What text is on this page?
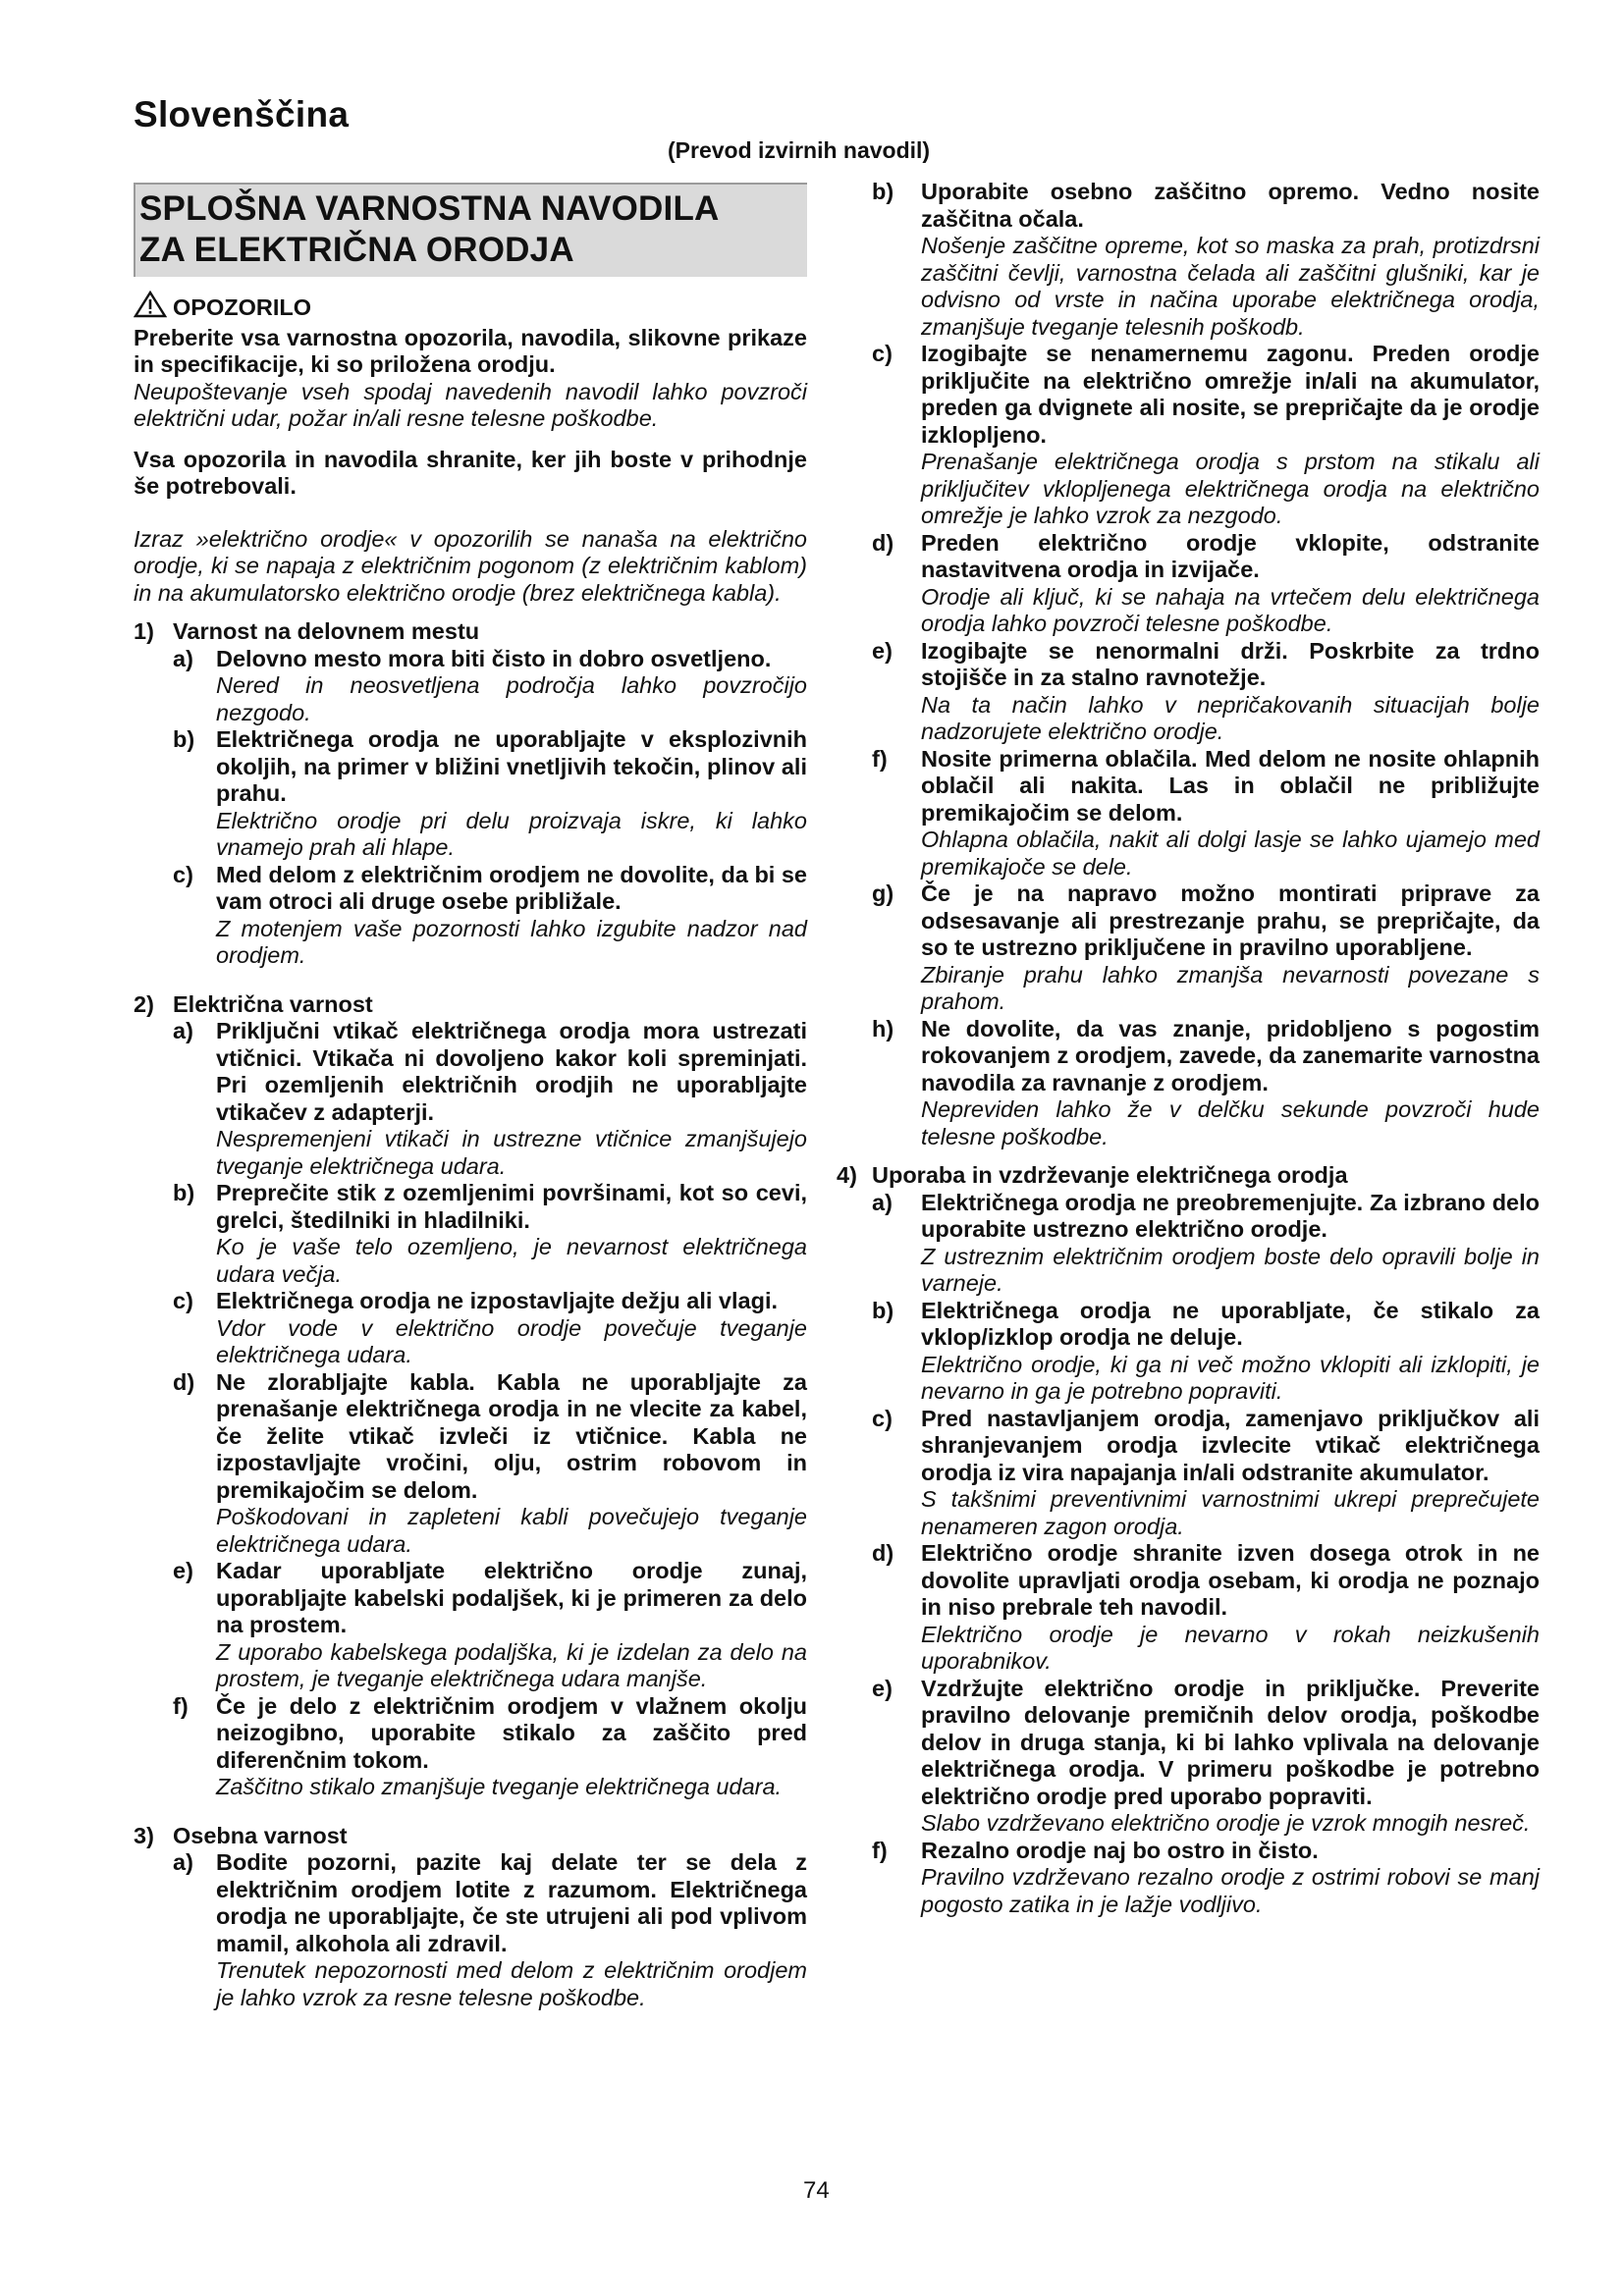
Slovenščina
(Prevod izvirnih navodil)
SPLOŠNA VARNOSTNA NAVODILA
ZA ELEKTRIČNA ORODJA
OPOZORILO

Preberite vsa varnostna opozorila, navodila, slikovne prikaze in specifikacije, ki so priložena orodju.

Neupoštevanje vseh spodaj navedenih navodil lahko povzroči električni udar, požar in/ali resne telesne poškodbe.

Vsa opozorila in navodila shranite, ker jih boste v prihodnje še potrebovali.

Izraz »električno orodje« v opozorilih se nanaša na električno orodje, ki se napaja z električnim pogonom (z električnim kablom) in na akumulatorsko električno orodje (brez električnega kabla).

1) Varnost na delovnem mestu
a) Delovno mesto mora biti čisto in dobro osvetljeno.

Nered in neosvetljena področja lahko povzročijo nezgodo.

b) Električnega orodja ne uporabljajte v eksplozivnih okoljih, na primer v bližini vnetljivih tekočin, plinov ali prahu.

Električno orodje pri delu proizvaja iskre, ki lahko vnamejo prah ali hlape.

c) Med delom z električnim orodjem ne dovolite, da bi se vam otroci ali druge osebe približale.

Z motenjem vaše pozornosti lahko izgubite nadzor nad orodjem.

2) Električna varnost
a) Priključni vtikač električnega orodja mora ustrezati vtičnici. Vtikača ni dovoljeno kakor koli spreminjati. Pri ozemljenih električnih orodjih ne uporabljajte vtikačev z adapterji.

Nespremenjeni vtikači in ustrezne vtičnice zmanjšujejo tveganje električnega udara.

b) Preprečite stik z ozemljenimi površinami, kot so cevi, grelci, štedilniki in hladilniki.

Ko je vaše telo ozemljeno, je nevarnost električnega udara večja.

c) Električnega orodja ne izpostavljajte dežju ali vlagi.

Vdor vode v električno orodje povečuje tveganje električnega udara.

d) Ne zlorabljajte kabla. Kabla ne uporabljajte za prenašanje električnega orodja in ne vlecite za kabel, če želite vtikač izvleči iz vtičnice. Kabla ne izpostavljajte vročini, olju, ostrim robovom in premikajočim se delom.

Poškodovani in zapleteni kabli povečujejo tveganje električnega udara.

e) Kadar uporabljate električno orodje zunaj, uporabljajte kabelski podaljšek, ki je primeren za delo na prostem.

Z uporabo kabelskega podaljška, ki je izdelan za delo na prostem, je tveganje električnega udara manjše.

f) Če je delo z električnim orodjem v vlažnem okolju neizogibno, uporabite stikalo za zaščito pred diferenčnim tokom.

Zaščitno stikalo zmanjšuje tveganje električnega udara.

3) Osebna varnost
a) Bodite pozorni, pazite kaj delate ter se dela z električnim orodjem lotite z razumom. Električnega orodja ne uporabljajte, če ste utrujeni ali pod vplivom mamil, alkohola ali zdravil.

Trenutek nepozornosti med delom z električnim orodjem je lahko vzrok za resne telesne poškodbe.

b) Uporabite osebno zaščitno opremo. Vedno nosite zaščitna očala.

Nošenje zaščitne opreme, kot so maska za prah, protizdrsni zaščitni čevlji, varnostna čelada ali zaščitni glušniki, kar je odvisno od vrste in načina uporabe električnega orodja, zmanjšuje tveganje telesnih poškodb.

c) Izogibajte se nenamernemu zagonu. Preden orodje priključite na električno omrežje in/ali na akumulator, preden ga dvignete ali nosite, se prepričajte da je orodje izklopljeno.

Prenašanje električnega orodja s prstom na stikalu ali priključitev vklopljenega električnega orodja na električno omrežje je lahko vzrok za nezgodo.

d) Preden električno orodje vklopite, odstranite nastavitvena orodja in izvijače.

Orodje ali ključ, ki se nahaja na vrtečem delu električnega orodja lahko povzroči telesne poškodbe.

e) Izogibajte se nenormalni drži. Poskrbite za trdno stojišče in za stalno ravnotežje.

Na ta način lahko v nepričakovanih situacijah bolje nadzorujete električno orodje.

f) Nosite primerna oblačila. Med delom ne nosite ohlapnih oblačil ali nakita. Las in oblačil ne približujte premikajočim se delom.

Ohlapna oblačila, nakit ali dolgi lasje se lahko ujamejo med premikajoče se dele.

g) Če je na napravo možno montirati priprave za odsesavanje ali prestrezanje prahu, se prepričajte, da so te ustrezno priključene in pravilno uporabljene.

Zbiranje prahu lahko zmanjša nevarnosti povezane s prahom.

h) Ne dovolite, da vas znanje, pridobljeno s pogostim rokovanjem z orodjem, zavede, da zanemarite varnostna navodila za ravnanje z orodjem.

Nepreviden lahko že v delčku sekunde povzroči hude telesne poškodbe.

4) Uporaba in vzdrževanje električnega orodja
a) Električnega orodja ne preobremenjujte. Za izbrano delo uporabite ustrezno električno orodje.

Z ustreznim električnim orodjem boste delo opravili bolje in varneje.

b) Električnega orodja ne uporabljate, če stikalo za vklop/izklop orodja ne deluje.

Električno orodje, ki ga ni več možno vklopiti ali izklopiti, je nevarno in ga je potrebno popraviti.

c) Pred nastavljanjem orodja, zamenjavo priključkov ali shranjevanjem orodja izvlecite vtikač električnega orodja iz vira napajanja in/ali odstranite akumulator.

S takšnimi preventivnimi varnostnimi ukrepi preprečujete nenameren zagon orodja.

d) Električno orodje shranite izven dosega otrok in ne dovolite upravljati orodja osebam, ki orodja ne poznajo in niso prebrale teh navodil.

Električno orodje je nevarno v rokah neizkušenih uporabnikov.

e) Vzdržujte električno orodje in priključke. Preverite pravilno delovanje premičnih delov orodja, poškodbe delov in druga stanja, ki bi lahko vplivala na delovanje električnega orodja. V primeru poškodbe je potrebno električno orodje pred uporabo popraviti.

Slabo vzdrževano električno orodje je vzrok mnogih nesreč.

f) Rezalno orodje naj bo ostro in čisto.

Pravilno vzdrževano rezalno orodje z ostrimi robovi se manj pogosto zatika in je lažje vodljivo.

74
